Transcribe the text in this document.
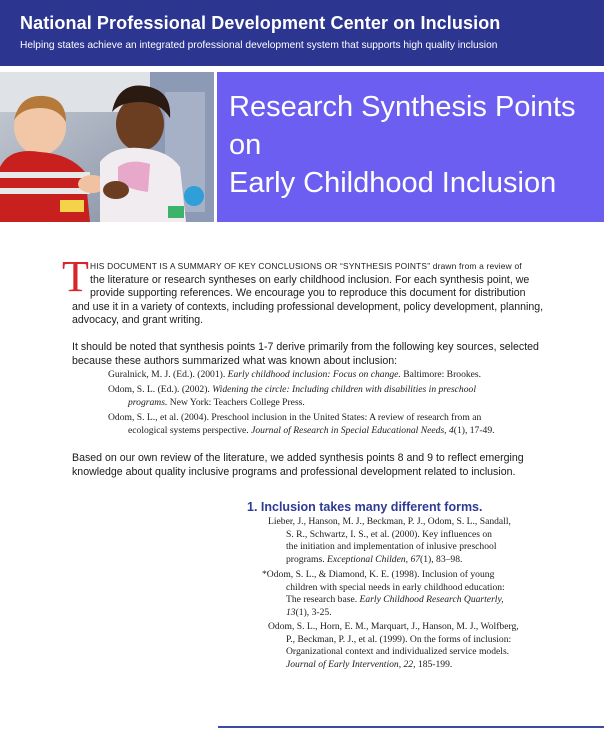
National Professional Development Center on Inclusion
Helping states achieve an integrated professional development system that supports high quality inclusion
Research Synthesis Points
on
Early Childhood Inclusion
T HIS DOCUMENT IS A SUMMARY OF KEY CONCLUSIONS OR “SYNTHESIS POINTS” drawn from a review of
the literature or research syntheses on early childhood inclusion. For each synthesis point, we
provide supporting references. We encourage you to reproduce this document for distribution
and use it in a variety of contexts, including professional development, policy development, planning,
advocacy, and grant writing.
It should be noted that synthesis points 1-7 derive primarily from the following key sources, selected
because these authors summarized what was known about inclusion:
Guralnick, M. J. (Ed.). (2001). Early childhood inclusion: Focus on change. Baltimore: Brookes.
Odom, S. L. (Ed.). (2002). Widening the circle: Including children with disabilities in preschool
programs. New York: Teachers College Press.
Odom, S. L., et al. (2004). Preschool inclusion in the United States: A review of research from an
ecological systems perspective. Journal of Research in Special Educational Needs, 4(1), 17-49.
Based on our own review of the literature, we added synthesis points 8 and 9 to reflect emerging
knowledge about quality inclusive programs and professional development related to inclusion.
1. Inclusion takes many different forms.
Lieber, J., Hanson, M. J., Beckman, P. J., Odom, S. L., Sandall,
S. R., Schwartz, I. S., et al. (2000). Key influences on
the initiation and implementation of inlusive preschool
programs. Exceptional Childen, 67(1), 83–98.
*Odom, S. L., & Diamond, K. E. (1998). Inclusion of young
children with special needs in early childhood education:
The research base. Early Childhood Research Quarterly,
13(1), 3-25.
Odom, S. L., Horn, E. M., Marquart, J., Hanson, M. J., Wolfberg,
P., Beckman, P. J., et al. (1999). On the forms of inclusion:
Organizational context and individualized service models.
Journal of Early Intervention, 22, 185-199.
